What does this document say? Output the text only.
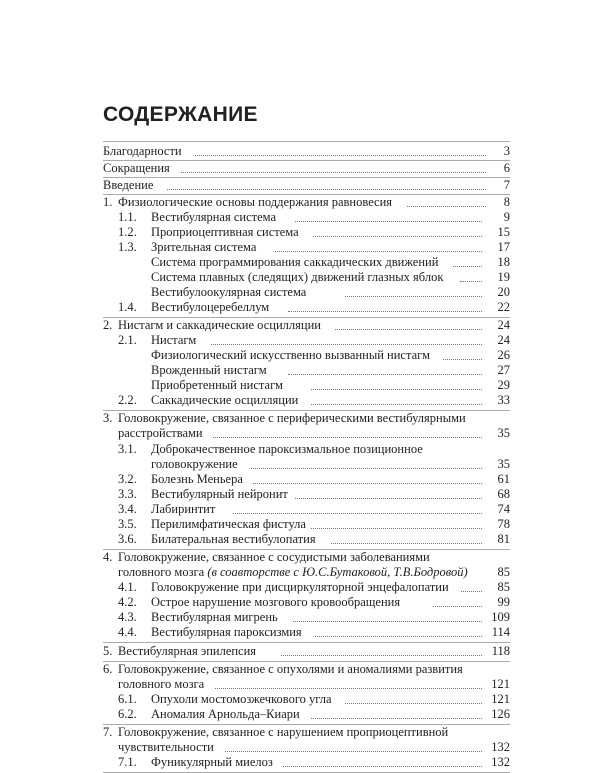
СОДЕРЖАНИЕ
Благодарности	3
Сокращения	6
Введение	7
1. Физиологические основы поддержания равновесия	8
1.1. Вестибулярная система	9
1.2. Проприоцептивная система	15
1.3. Зрительная система	17
Система программирования саккадических движений	18
Система плавных (следящих) движений глазных яблок	19
Вестибулоокулярная система	20
1.4. Вестибулоцеребеллум	22
2. Нистагм и саккадические осцилляции	24
2.1. Нистагм	24
Физиологический искусственно вызванный нистагм	26
Врожденный нистагм	27
Приобретенный нистагм	29
2.2. Саккадические осцилляции	33
3. Головокружение, связанное с периферическими вестибулярными
расстройствами	35
3.1. Доброкачественное пароксизмальное позиционное
головокружение	35
3.2. Болезнь Меньера	61
3.3. Вестибулярный нейронит	68
3.4. Лабиринтит	74
3.5. Перилимфатическая фистула	78
3.6. Билатеральная вестибулопатия	81
4. Головокружение, связанное с сосудистыми заболеваниями
головного мозга (в соавторстве с Ю.С.Бутаковой, Т.В.Бодровой) 85
4.1. Головокружение при дисциркуляторной энцефалопатии	85
4.2. Острое нарушение мозгового кровообращения	99
4.3. Вестибулярная мигрень	109
4.4. Вестибулярная пароксизмия	114
5. Вестибулярная эпилепсия	118
6. Головокружение, связанное с опухолями и аномалиями развития
головного мозга	121
6.1. Опухоли мостомозжечкового угла	121
6.2. Аномалия Арнольда–Киари	126
7. Головокружение, связанное с нарушением проприоцептивной
чувствительности	132
7.1. Фуникулярный миелоз	132
